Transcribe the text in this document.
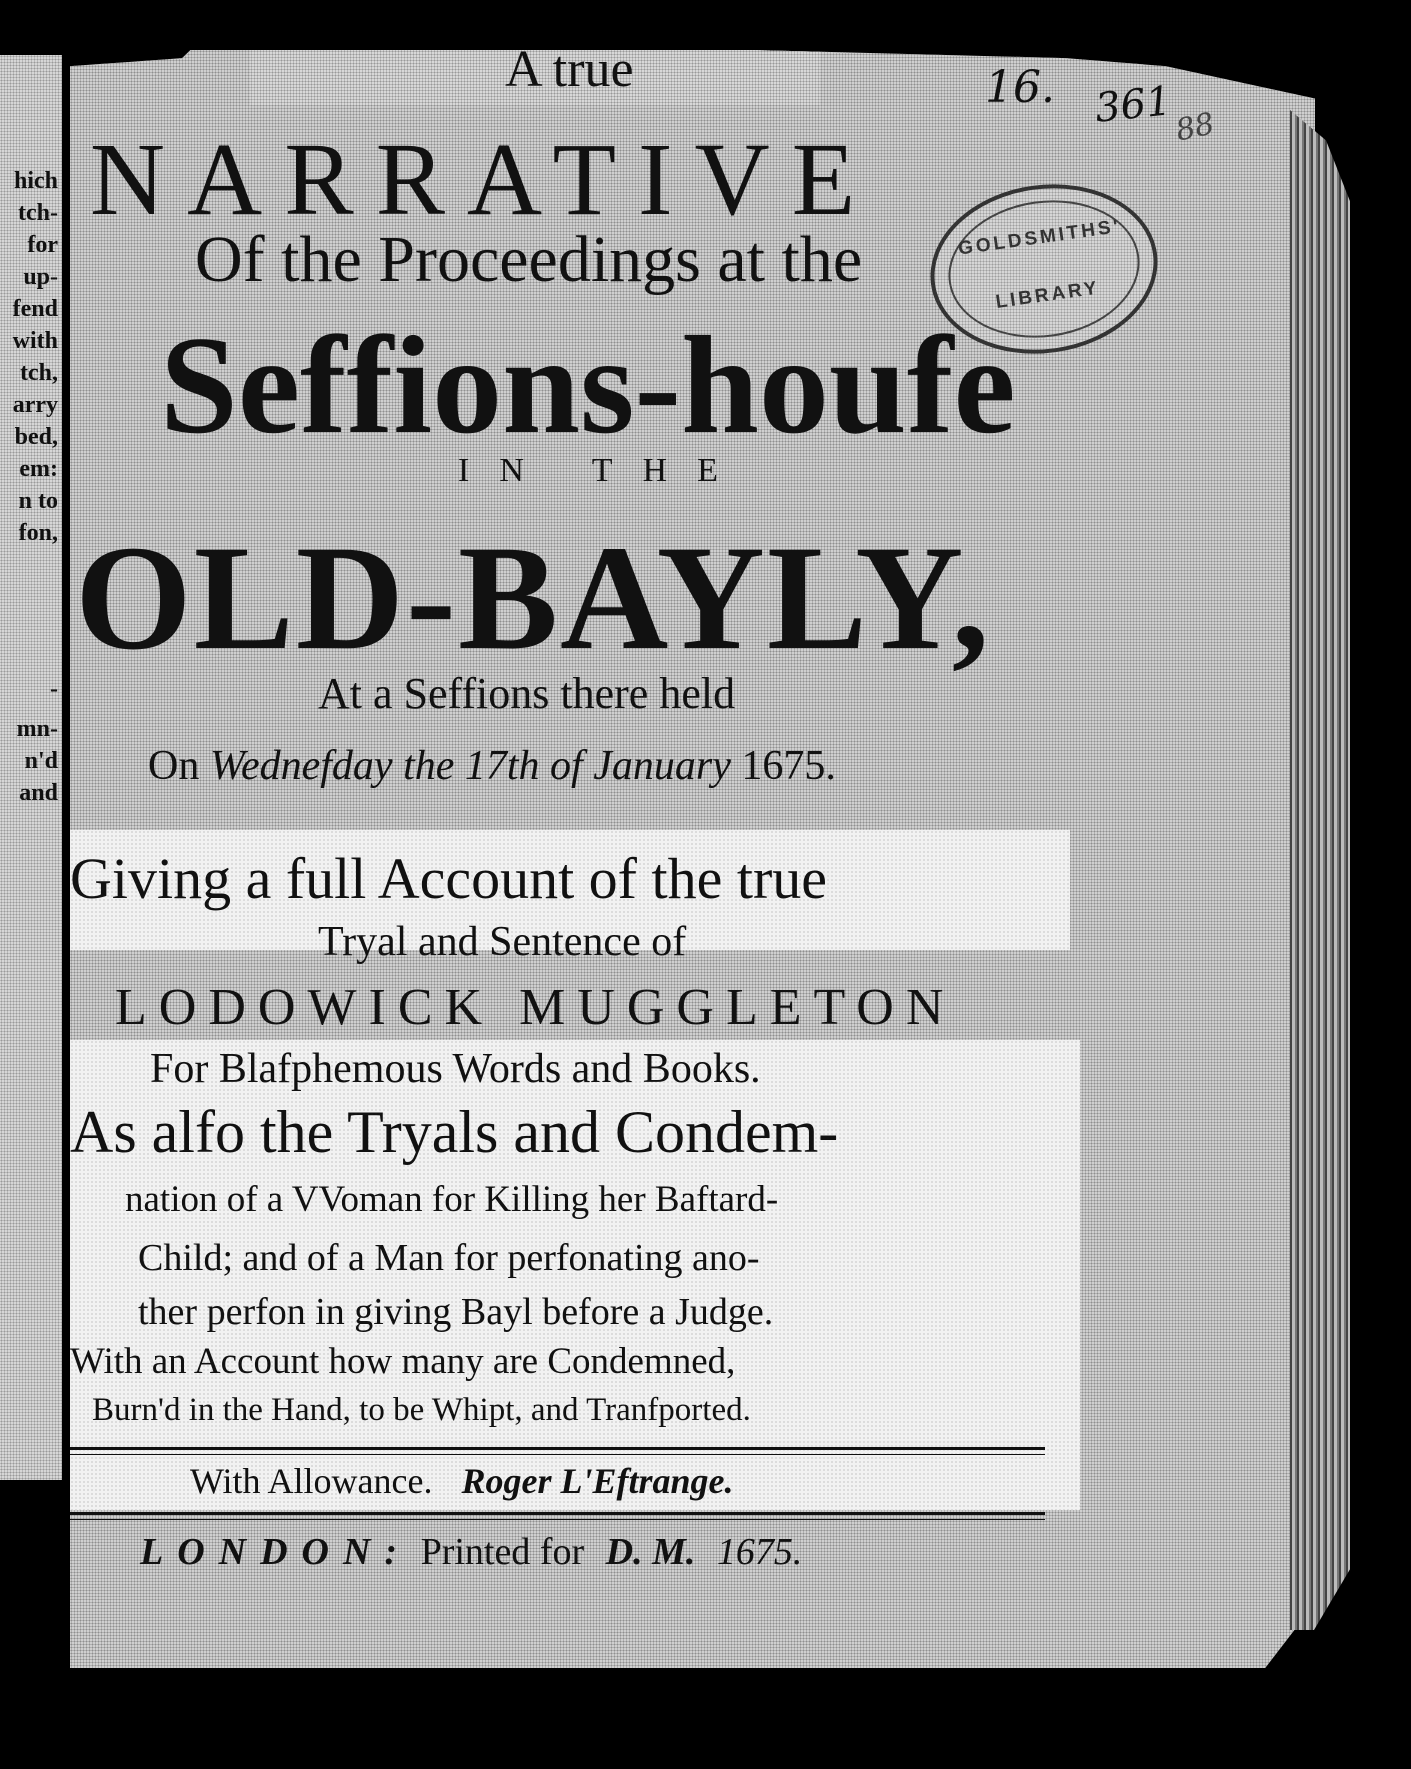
hich
tch-
for
up-
fend
with
tch,
arry
bed,
em:
n to
fon,
-
mn-
n'd
and
16. 361 88
GOLDSMITHS'
LIBRARY
A true
NARRATIVE
Of the Proceedings at the
Seffions-houfe
IN THE
OLD-BAYLY,
At a Seffions there held
On Wednefday the 17th of January 1675.
Giving a full Account of the true
Tryal and Sentence of
LODOWICK MUGGLETON
For Blafphemous Words and Books.
As alfo the Tryals and Condem-
nation of a VVoman for Killing her Baftard-
Child; and of a Man for perfonating ano-
ther perfon in giving Bayl before a Judge.
With an Account how many are Condemned,
Burn'd in the Hand, to be Whipt, and Tranfported.
With Allowance. Roger L'Eftrange.
LONDON: Printed for D. M. 1675.
